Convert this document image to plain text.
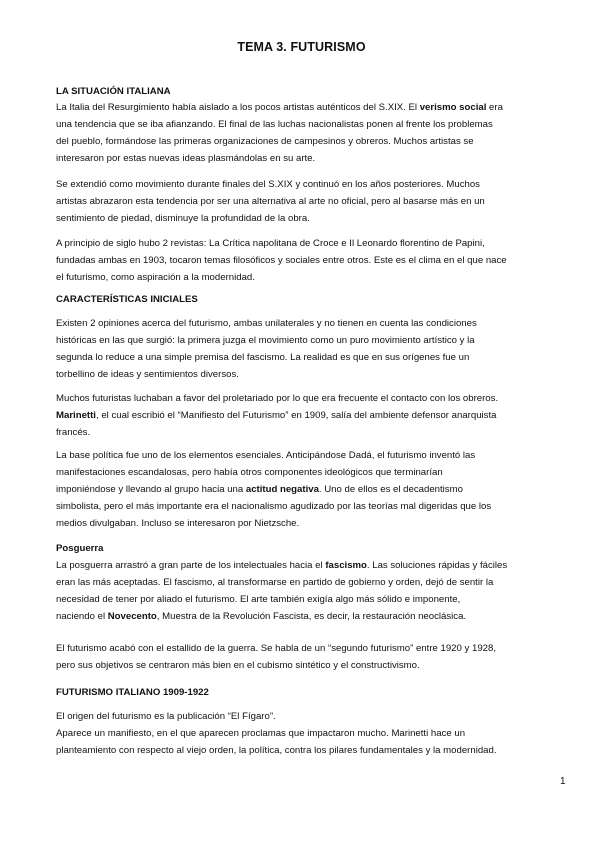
TEMA 3. FUTURISMO
LA SITUACIÓN ITALIANA
La Italia del Resurgimiento había aislado a los pocos artistas auténticos del S.XIX. El verismo social era
una tendencia que se iba afianzando. El final de las luchas nacionalistas ponen al frente los problemas
del pueblo, formándose las primeras organizaciones de campesinos y obreros. Muchos artistas se
interesaron por estas nuevas ideas plasmándolas en su arte.
Se extendió como movimiento durante finales del S.XIX y continuó en los años posteriores. Muchos
artistas abrazaron esta tendencia por ser una alternativa al arte no oficial, pero al basarse más en un
sentimiento de piedad, disminuye la profundidad de la obra.
A principio de siglo hubo 2 revistas: La Crítica napolitana de Croce e Il Leonardo florentino de Papini,
fundadas ambas en 1903, tocaron temas filosóficos y sociales entre otros. Este es el clima en el que nace
el futurismo, como aspiración a la modernidad.
CARACTERÍSTICAS INICIALES
Existen 2 opiniones acerca del futurismo, ambas unilaterales y no tienen en cuenta las condiciones
históricas en las que surgió: la primera juzga el movimiento como un puro movimiento artístico y la
segunda lo reduce a una simple premisa del fascismo. La realidad es que en sus orígenes fue un
torbellino de ideas y sentimientos diversos.
Muchos futuristas luchaban a favor del proletariado por lo que era frecuente el contacto con los obreros.
Marinetti, el cual escribió el “Manifiesto del Futurismo” en 1909, salía del ambiente defensor anarquista
francés.
La base política fue uno de los elementos esenciales. Anticipándose Dadá, el futurismo inventó las
manifestaciones escandalosas, pero había otros componentes ideológicos que terminarían
imponiéndose y llevando al grupo hacia una actitud negativa. Uno de ellos es el decadentismo
simbolista, pero el más importante era el nacionalismo agudizado por las teorías mal digeridas que los
medios divulgaban. Incluso se interesaron por Nietzsche.
Posguerra
La posguerra arrastró a gran parte de los intelectuales hacia el fascismo. Las soluciones rápidas y fáciles
eran las más aceptadas. El fascismo, al transformarse en partido de gobierno y orden, dejó de sentir la
necesidad de tener por aliado el futurismo. El arte también exigía algo más sólido e imponente,
naciendo el Novecento, Muestra de la Revolución Fascista, es decir, la restauración neoclásica.
El futurismo acabó con el estallido de la guerra. Se habla de un “segundo futurismo” entre 1920 y 1928,
pero sus objetivos se centraron más bien en el cubismo sintético y el constructivismo.
FUTURISMO ITALIANO 1909-1922
El origen del futurismo es la publicación “El Fígaro”.
Aparece un manifiesto, en el que aparecen proclamas que impactaron mucho. Marinetti hace un
planteamiento con respecto al viejo orden, la política, contra los pilares fundamentales y la modernidad.
1
